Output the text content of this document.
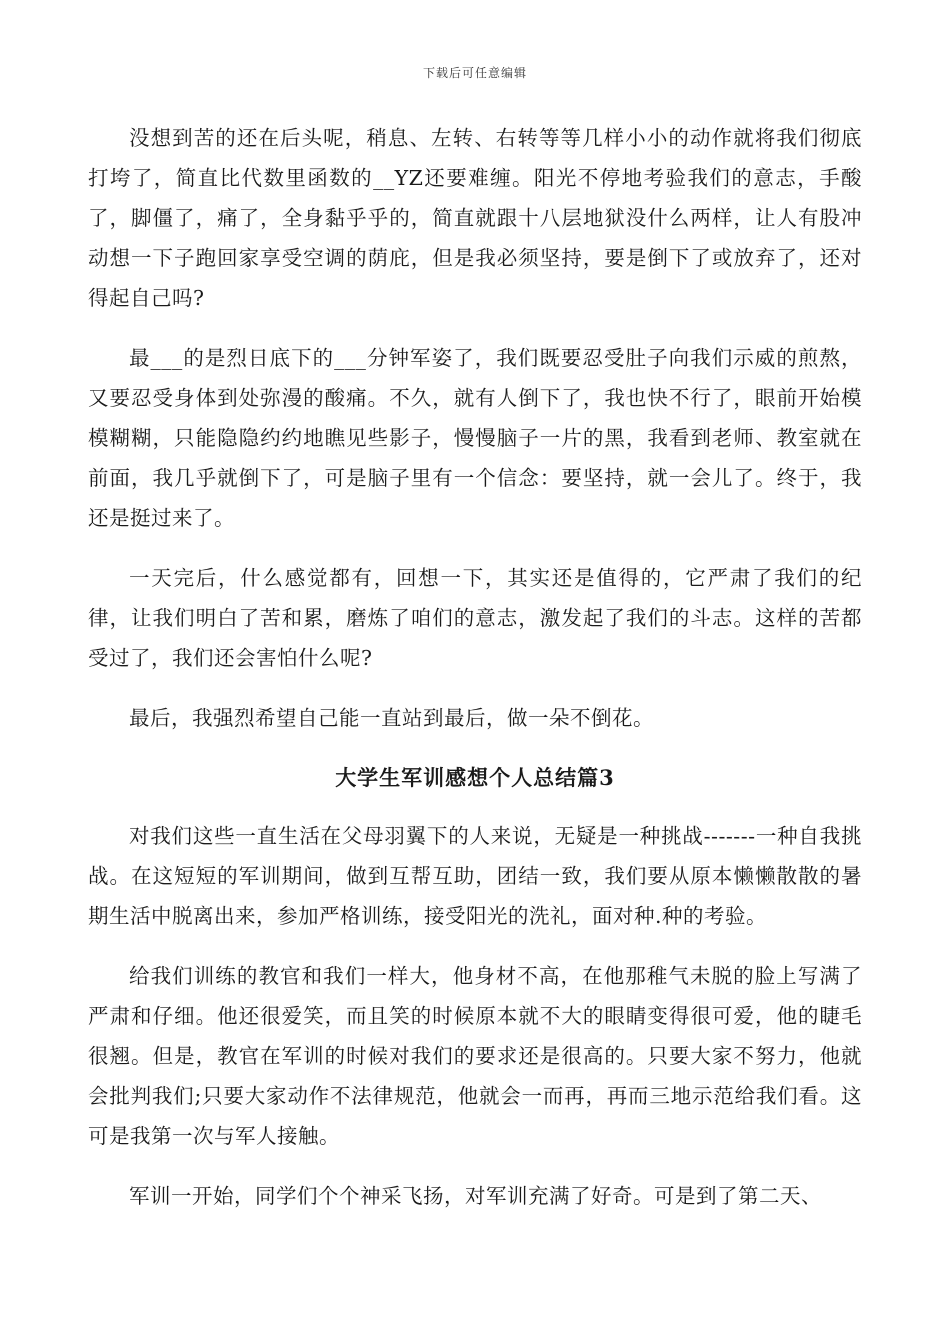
下载后可任意编辑

没想到苦的还在后头呢，稍息、左转、右转等等几样小小的动作就将我们彻底打垮了，简直比代数里函数的__YZ还要难缠。阳光不停地考验我们的意志，手酸了，脚僵了，痛了，全身黏乎乎的，简直就跟十八层地狱没什么两样，让人有股冲动想一下子跑回家享受空调的荫庇，但是我必须坚持，要是倒下了或放弃了，还对得起自己吗?

最___的是烈日底下的___分钟军姿了，我们既要忍受肚子向我们示威的煎熬，又要忍受身体到处弥漫的酸痛。不久，就有人倒下了，我也快不行了，眼前开始模模糊糊，只能隐隐约约地瞧见些影子，慢慢脑子一片的黑，我看到老师、教室就在前面，我几乎就倒下了，可是脑子里有一个信念：要坚持，就一会儿了。终于，我还是挺过来了。

一天完后，什么感觉都有，回想一下，其实还是值得的，它严肃了我们的纪律，让我们明白了苦和累，磨炼了咱们的意志，激发起了我们的斗志。这样的苦都受过了，我们还会害怕什么呢?

最后，我强烈希望自己能一直站到最后，做一朵不倒花。

大学生军训感想个人总结篇3

对我们这些一直生活在父母羽翼下的人来说，无疑是一种挑战-------一种自我挑战。在这短短的军训期间，做到互帮互助，团结一致，我们要从原本懒懒散散的暑期生活中脱离出来，参加严格训练，接受阳光的洗礼，面对种.种的考验。

给我们训练的教官和我们一样大，他身材不高，在他那稚气未脱的脸上写满了严肃和仔细。他还很爱笑，而且笑的时候原本就不大的眼睛变得很可爱，他的睫毛很翘。但是，教官在军训的时候对我们的要求还是很高的。只要大家不努力，他就会批判我们;只要大家动作不法律规范，他就会一而再，再而三地示范给我们看。这可是我第一次与军人接触。

军训一开始，同学们个个神采飞扬，对军训充满了好奇。可是到了第二天、
